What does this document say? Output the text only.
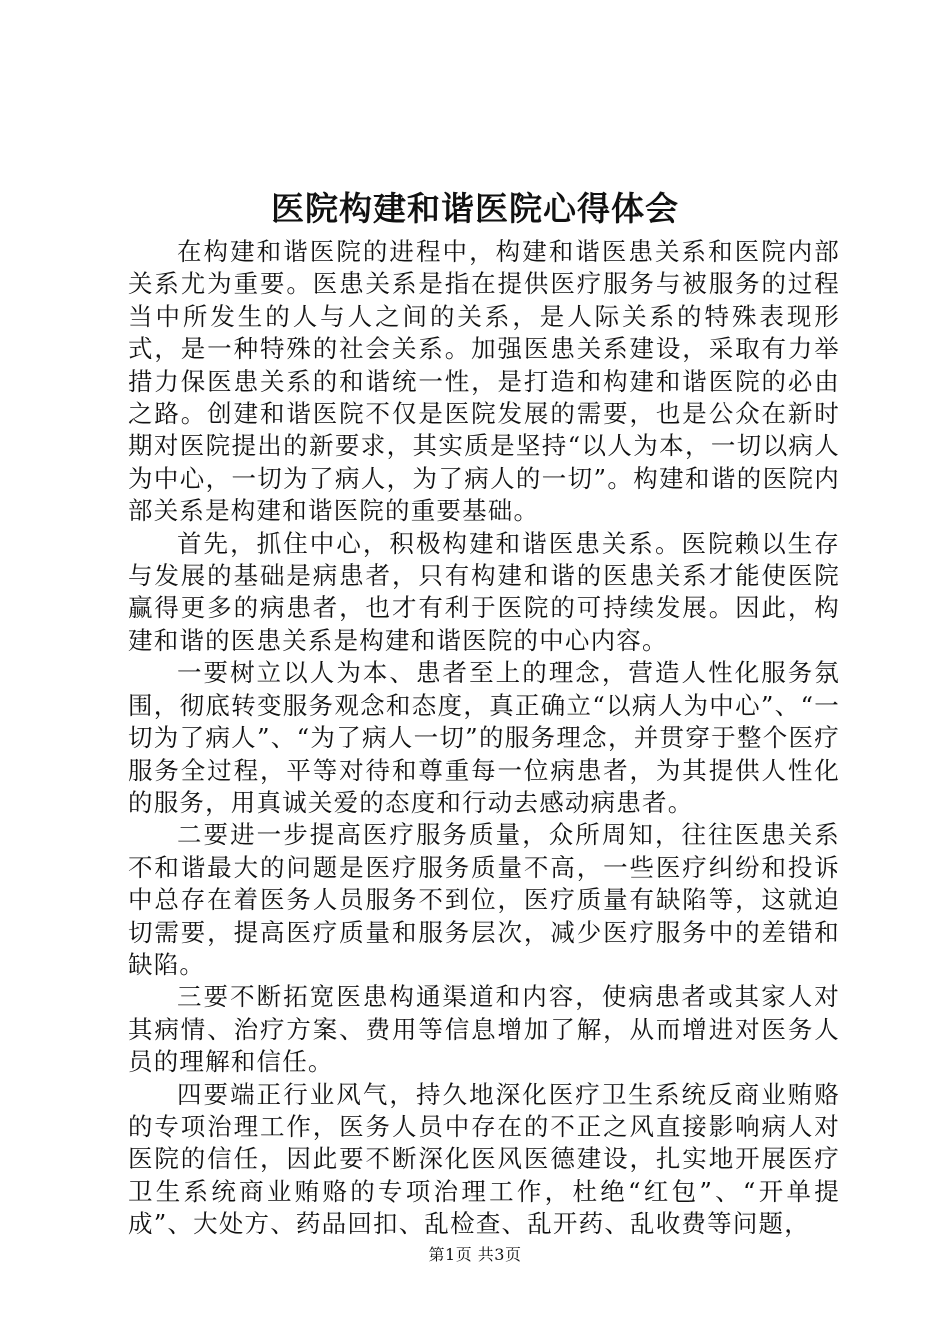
医院构建和谐医院心得体会

在构建和谐医院的进程中，构建和谐医患关系和医院内部关系尤为重要。医患关系是指在提供医疗服务与被服务的过程当中所发生的人与人之间的关系，是人际关系的特殊表现形式，是一种特殊的社会关系。加强医患关系建设，采取有力举措力保医患关系的和谐统一性，是打造和构建和谐医院的必由之路。创建和谐医院不仅是医院发展的需要，也是公众在新时期对医院提出的新要求，其实质是坚持“以人为本，一切以病人为中心，一切为了病人，为了病人的一切”。构建和谐的医院内部关系是构建和谐医院的重要基础。

首先，抓住中心，积极构建和谐医患关系。医院赖以生存与发展的基础是病患者，只有构建和谐的医患关系才能使医院赢得更多的病患者，也才有利于医院的可持续发展。因此，构建和谐的医患关系是构建和谐医院的中心内容。

一要树立以人为本、患者至上的理念，营造人性化服务氛围，彻底转变服务观念和态度，真正确立“以病人为中心”、“一切为了病人”、“为了病人一切”的服务理念，并贯穿于整个医疗服务全过程，平等对待和尊重每一位病患者，为其提供人性化的服务，用真诚关爱的态度和行动去感动病患者。

二要进一步提高医疗服务质量，众所周知，往往医患关系不和谐最大的问题是医疗服务质量不高，一些医疗纠纷和投诉中总存在着医务人员服务不到位，医疗质量有缺陷等，这就迫切需要，提高医疗质量和服务层次，减少医疗服务中的差错和缺陷。

三要不断拓宽医患构通渠道和内容，使病患者或其家人对其病情、治疗方案、费用等信息增加了解，从而增进对医务人员的理解和信任。

四要端正行业风气，持久地深化医疗卫生系统反商业贿赂的专项治理工作，医务人员中存在的不正之风直接影响病人对医院的信任，因此要不断深化医风医德建设，扎实地开展医疗卫生系统商业贿赂的专项治理工作，杜绝“红包”、“开单提成”、大处方、药品回扣、乱检查、乱开药、乱收费等问题，

第1页 共3页
